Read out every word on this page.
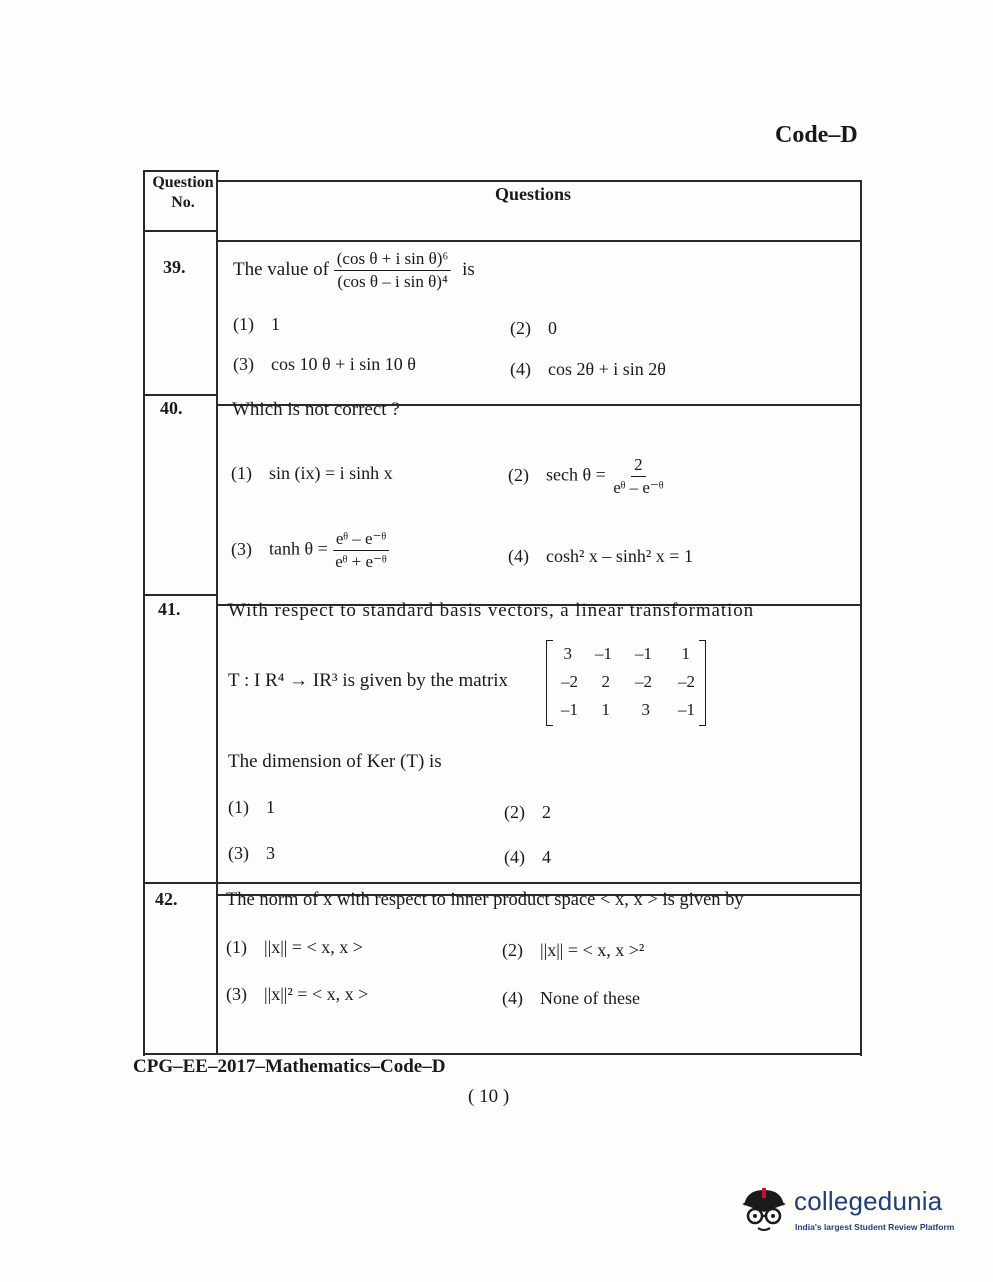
Code–D
Question No.	Questions
39.	The value of $\frac{\text{(cos θ + i sin θ)⁶}}{\text{(cos θ – i sin θ)⁴}}$ is
(1) 1	(2) 0
(3) cos 10 θ + i sin 10 θ	(4) cos 2θ + i sin 2θ
40.	Which is not correct ?
(1) sin (ix) = i sinh x	(2) sech $\theta = \frac{2}{\text{eᶿ – e⁻ᶿ}}$
(3) $\tanh \theta = \frac{\text{eᶿ – e⁻ᶿ}}{\text{eᶿ + e⁻ᶿ}}$	(4) cosh² x – sinh² x = 1
41.	With respect to standard basis vectors, a linear transformation
T : I R⁴ → IR³ is given by the matrix
3	–1	–1	1
–2	2	–2	–2
–1	1	3	–1
The dimension of Ker (T) is
(1) 1	(2) 2
(3) 3	(4) 4
42.	The norm of x with respect to inner product space < x, x > is given by
(1) ||x|| = < x, x >	(2) ||x|| = < x, x >²
(3) ||x||² = < x, x >	(4) None of these
CPG–EE–2017–Mathematics–Code–D
( 10 )
collegedunia
India's largest Student Review Platform
